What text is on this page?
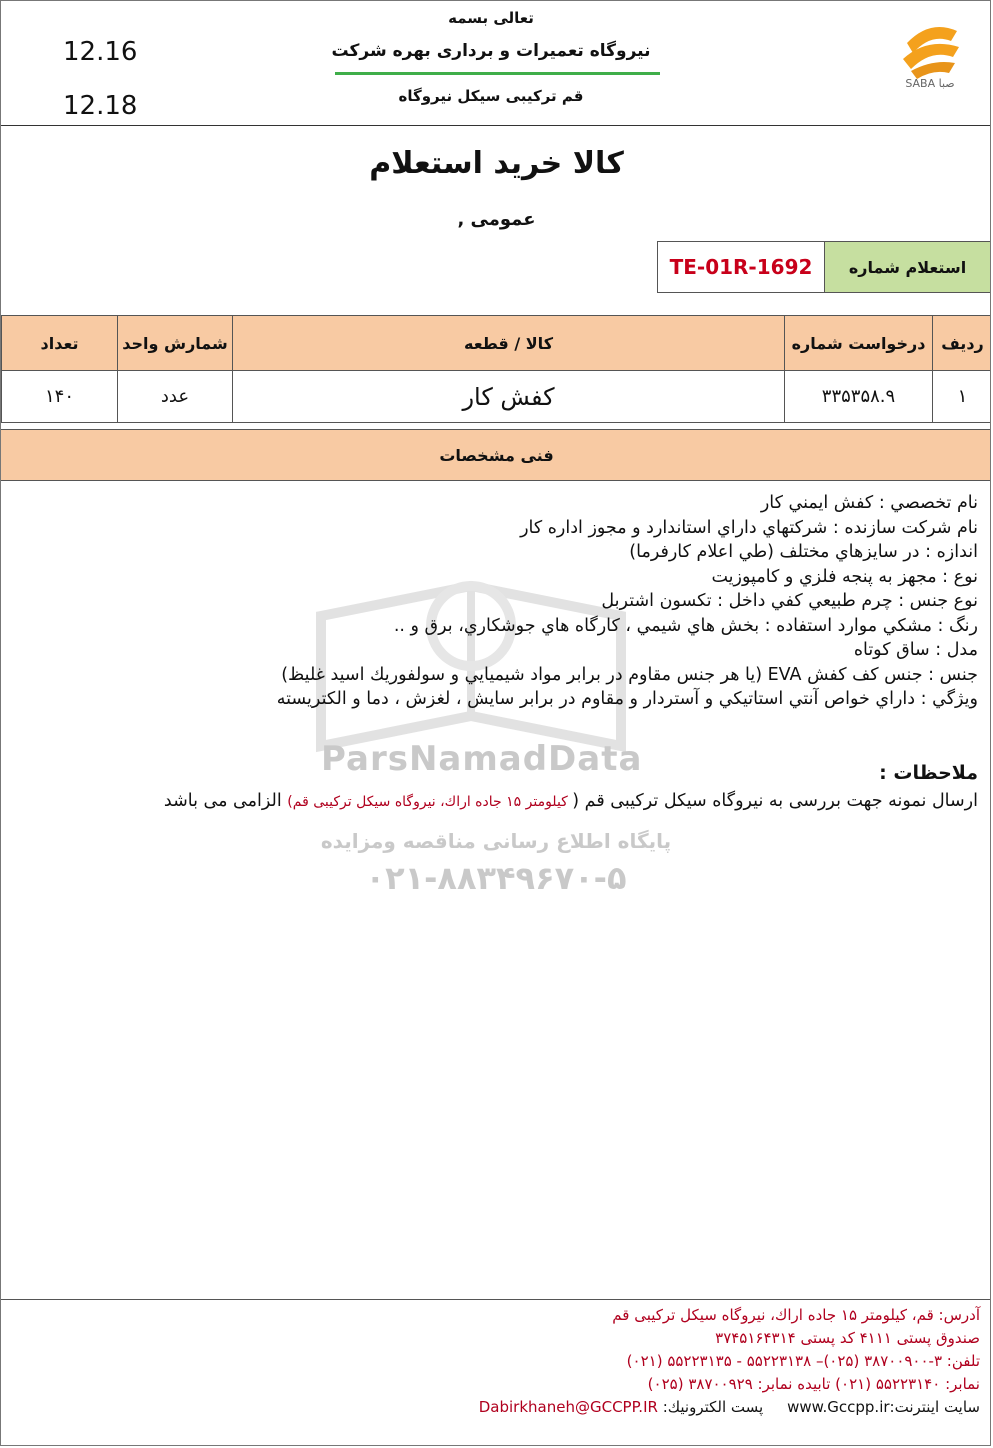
12.16
12.18
تعالی بسمه
نیروگاه تعمیرات و برداری بهره شرکت
قم ترکیبی سیکل نیروگاه
SABA صبا
کالا خرید استعلام
عمومی ,
TE-01R-1692	استعلام شماره
ردیف	درخواست شماره	کالا / قطعه	شمارش واحد	تعداد
۱	۳۳۵۳۵۸.۹	کفش کار	عدد	۱۴۰
فنی مشخصات
ParsNamadData
پایگاه اطلاع رسانی مناقصه ومزایده
۰۲۱-۸۸۳۴۹۶۷۰-۵
نام تخصصي : كفش ايمني كار
نام شركت سازنده : شركتهاي داراي استاندارد و مجوز اداره كار
اندازه : در سايزهاي مختلف (طي اعلام كارفرما)
نوع : مجهز به پنجه فلزي و كامپوزيت
نوع جنس : چرم طبيعي كفي داخل : تكسون اشتربل
رنگ : مشكي موارد استفاده : بخش هاي شيمي ، كارگاه هاي جوشكاري، برق و ..
مدل : ساق كوتاه
جنس : جنس كف كفش EVA (يا هر جنس مقاوم در برابر مواد شيميايي و سولفوريك اسيد غليظ)
ويژگي : داراي خواص آنتي استاتيكي و آستردار و مقاوم در برابر سايش ، لغزش ، دما و الكتريسته
ملاحظات :
ارسال نمونه جهت بررسی به نیروگاه سیکل ترکیبی قم ( کیلومتر ۱۵ جاده اراك، نیروگاه سیکل ترکیبی قم) الزامی می باشد
آدرس: قم، کیلومتر ۱۵ جاده اراك، نیروگاه سیکل ترکیبی قم
صندوق پستی ۴۱۱۱ کد پستی ۳۷۴۵۱۶۴۳۱۴
تلفن: ۳-۳۸۷۰۰۹۰۰ (۰۲۵)– ۵۵۲۲۳۱۳۸ - ۵۵۲۲۳۱۳۵ (۰۲۱)
نمابر: ۵۵۲۲۳۱۴۰ (۰۲۱) تابیده نمابر: ۳۸۷۰۰۹۲۹ (۰۲۵)
سایت اینترنت:www.Gccpp.ir     پست الکترونیك: Dabirkhaneh@GCCPP.IR
